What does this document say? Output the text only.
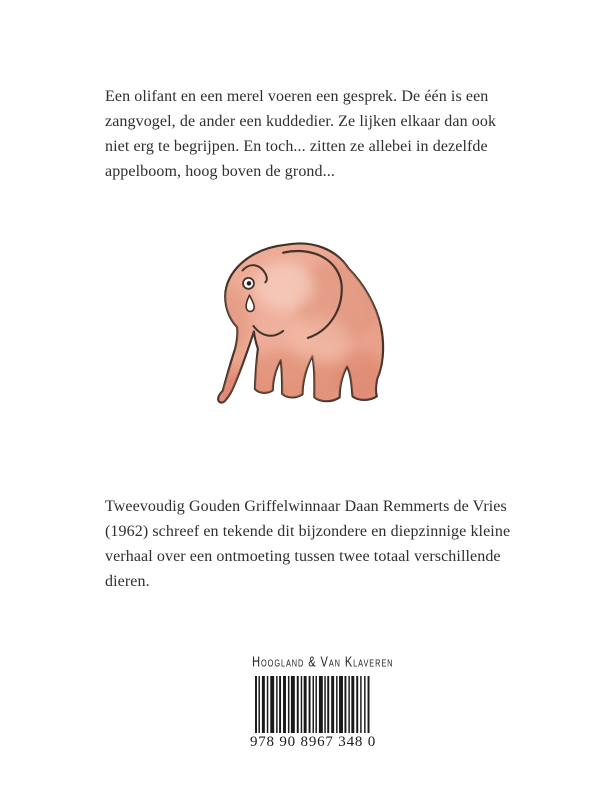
Een olifant en een merel voeren een gesprek. De één is een
zangvogel, de ander een kuddedier. Ze lijken elkaar dan ook
niet erg te begrijpen. En toch... zitten ze allebei in dezelfde
appelboom, hoog boven de grond...
Tweevoudig Gouden Griffelwinnaar Daan Remmerts de Vries
(1962) schreef en tekende dit bijzondere en diepzinnige kleine
verhaal over een ontmoeting tussen twee totaal verschillende
dieren.
Hoogland & Van Klaveren
978 90 8967 348 0
